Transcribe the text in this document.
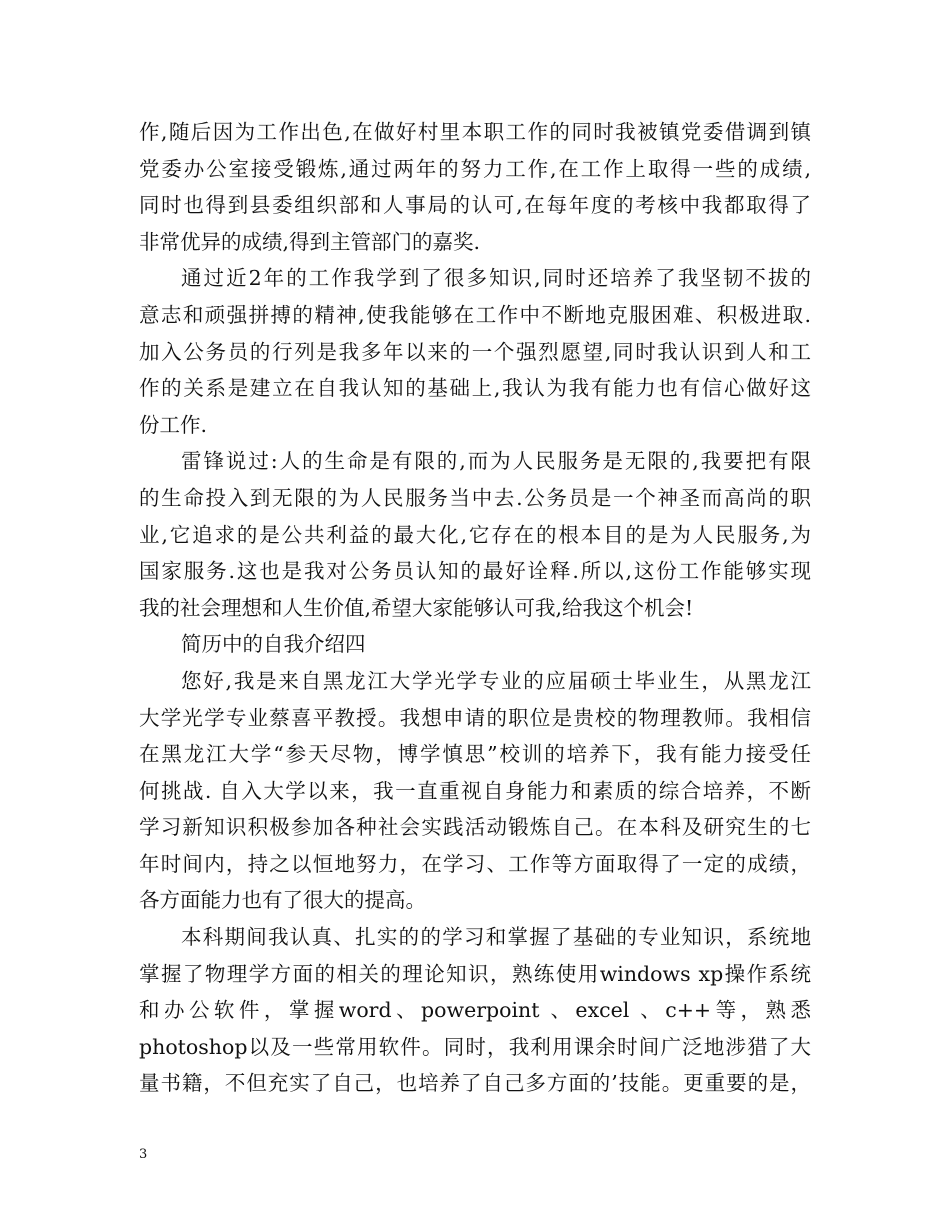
作,随后因为工作出色,在做好村里本职工作的同时我被镇党委借调到镇
党委办公室接受锻炼,通过两年的努力工作,在工作上取得一些的成绩,
同时也得到县委组织部和人事局的认可,在每年度的考核中我都取得了
非常优异的成绩,得到主管部门的嘉奖.
通过近2年的工作我学到了很多知识,同时还培养了我坚韧不拔的
意志和顽强拼搏的精神,使我能够在工作中不断地克服困难、积极进取.
加入公务员的行列是我多年以来的一个强烈愿望,同时我认识到人和工
作的关系是建立在自我认知的基础上,我认为我有能力也有信心做好这
份工作.
雷锋说过:人的生命是有限的,而为人民服务是无限的,我要把有限
的生命投入到无限的为人民服务当中去.公务员是一个神圣而高尚的职
业,它追求的是公共利益的最大化,它存在的根本目的是为人民服务,为
国家服务.这也是我对公务员认知的最好诠释.所以,这份工作能够实现
我的社会理想和人生价值,希望大家能够认可我,给我这个机会!
简历中的自我介绍四
您好,我是来自黑龙江大学光学专业的应届硕士毕业生，从黑龙江
大学光学专业蔡喜平教授。我想申请的职位是贵校的物理教师。我相信
在黑龙江大学“参天尽物，博学慎思”校训的培养下，我有能力接受任
何挑战. 自入大学以来，我一直重视自身能力和素质的综合培养，不断
学习新知识积极参加各种社会实践活动锻炼自己。在本科及研究生的七
年时间内，持之以恒地努力，在学习、工作等方面取得了一定的成绩，
各方面能力也有了很大的提高。
本科期间我认真、扎实的的学习和掌握了基础的专业知识，系统地
掌握了物理学方面的相关的理论知识，熟练使用windows xp操作系统
和办公软件，掌握word、powerpoint 、excel 、c++等，熟悉
photoshop以及一些常用软件。同时，我利用课余时间广泛地涉猎了大
量书籍，不但充实了自己，也培养了自己多方面的’技能。更重要的是，
3
